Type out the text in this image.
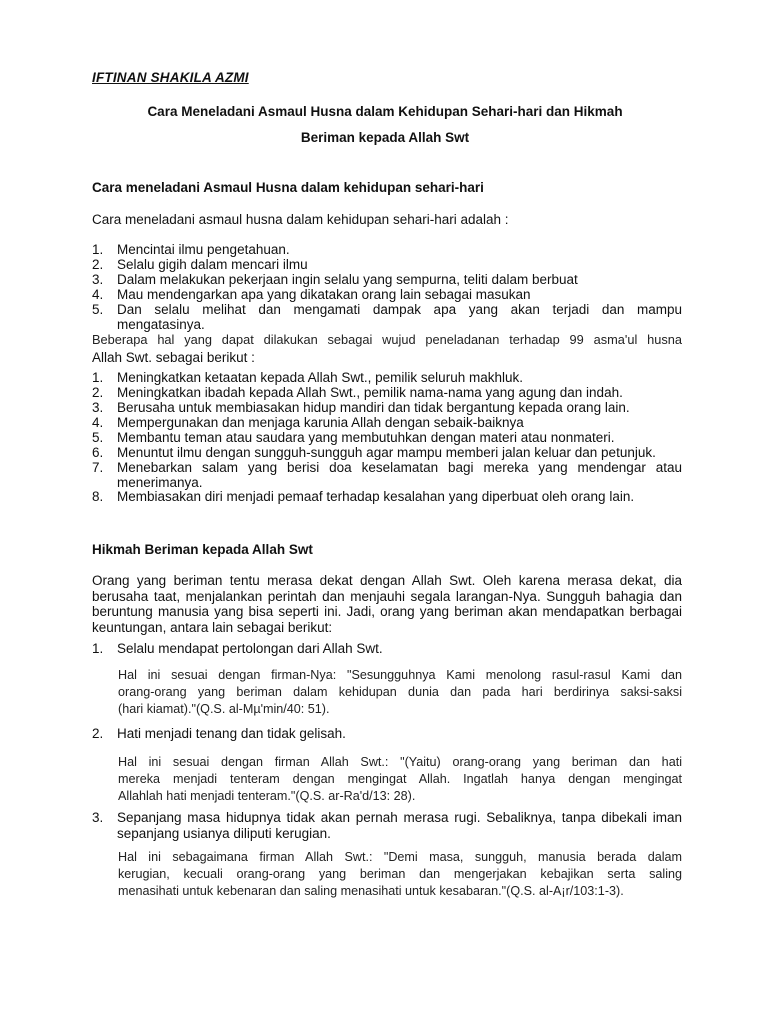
IFTINAN SHAKILA AZMI

Cara Meneladani Asmaul Husna dalam Kehidupan Sehari-hari dan Hikmah

Beriman kepada Allah Swt

Cara meneladani Asmaul Husna dalam kehidupan sehari-hari

Cara meneladani asmaul husna dalam kehidupan sehari-hari adalah :

1. Mencintai ilmu pengetahuan.
2. Selalu gigih dalam mencari ilmu
3. Dalam melakukan pekerjaan ingin selalu yang sempurna, teliti dalam berbuat
4. Mau mendengarkan apa yang dikatakan orang lain sebagai masukan
5. Dan selalu melihat dan mengamati dampak apa yang akan terjadi dan mampu
mengatasinya.

Beberapa hal yang dapat dilakukan sebagai wujud peneladanan terhadap 99 asma'ul husna

Allah Swt. sebagai berikut :

1. Meningkatkan ketaatan kepada Allah Swt., pemilik seluruh makhluk.
2. Meningkatkan ibadah kepada Allah Swt., pemilik nama-nama yang agung dan indah.
3. Berusaha untuk membiasakan hidup mandiri dan tidak bergantung kepada orang lain.
4. Mempergunakan dan menjaga karunia Allah dengan sebaik-baiknya
5. Membantu teman atau saudara yang membutuhkan dengan materi atau nonmateri.
6. Menuntut ilmu dengan sungguh-sungguh agar mampu memberi jalan keluar dan petunjuk.
7. Menebarkan salam yang berisi doa keselamatan bagi mereka yang mendengar atau
menerimanya.
8. Membiasakan diri menjadi pemaaf terhadap kesalahan yang diperbuat oleh orang lain.

Hikmah Beriman kepada Allah Swt

Orang yang beriman tentu merasa dekat dengan Allah Swt. Oleh karena merasa dekat, dia
berusaha taat, menjalankan perintah dan menjauhi segala larangan-Nya. Sungguh bahagia dan
beruntung manusia yang bisa seperti ini. Jadi, orang yang beriman akan mendapatkan berbagai
keuntungan, antara lain sebagai berikut:
1. Selalu mendapat pertolongan dari Allah Swt.
Hal ini sesuai dengan firman-Nya: "Sesungguhnya Kami menolong rasul-rasul Kami dan
orang-orang yang beriman dalam kehidupan dunia dan pada hari berdirinya saksi-saksi
(hari kiamat)."(Q.S. al-Mµ'min/40: 51).
2. Hati menjadi tenang dan tidak gelisah.
Hal ini sesuai dengan firman Allah Swt.: "(Yaitu) orang-orang yang beriman dan hati
mereka menjadi tenteram dengan mengingat Allah. Ingatlah hanya dengan mengingat
Allahlah hati menjadi tenteram."(Q.S. ar-Ra'd/13: 28).
3. Sepanjang masa hidupnya tidak akan pernah merasa rugi. Sebaliknya, tanpa dibekali iman
sepanjang usianya diliputi kerugian.
Hal ini sebagaimana firman Allah Swt.: "Demi masa, sungguh, manusia berada dalam
kerugian, kecuali orang-orang yang beriman dan mengerjakan kebajikan serta saling
menasihati untuk kebenaran dan saling menasihati untuk kesabaran."(Q.S. al-A¡r/103:1-3).
